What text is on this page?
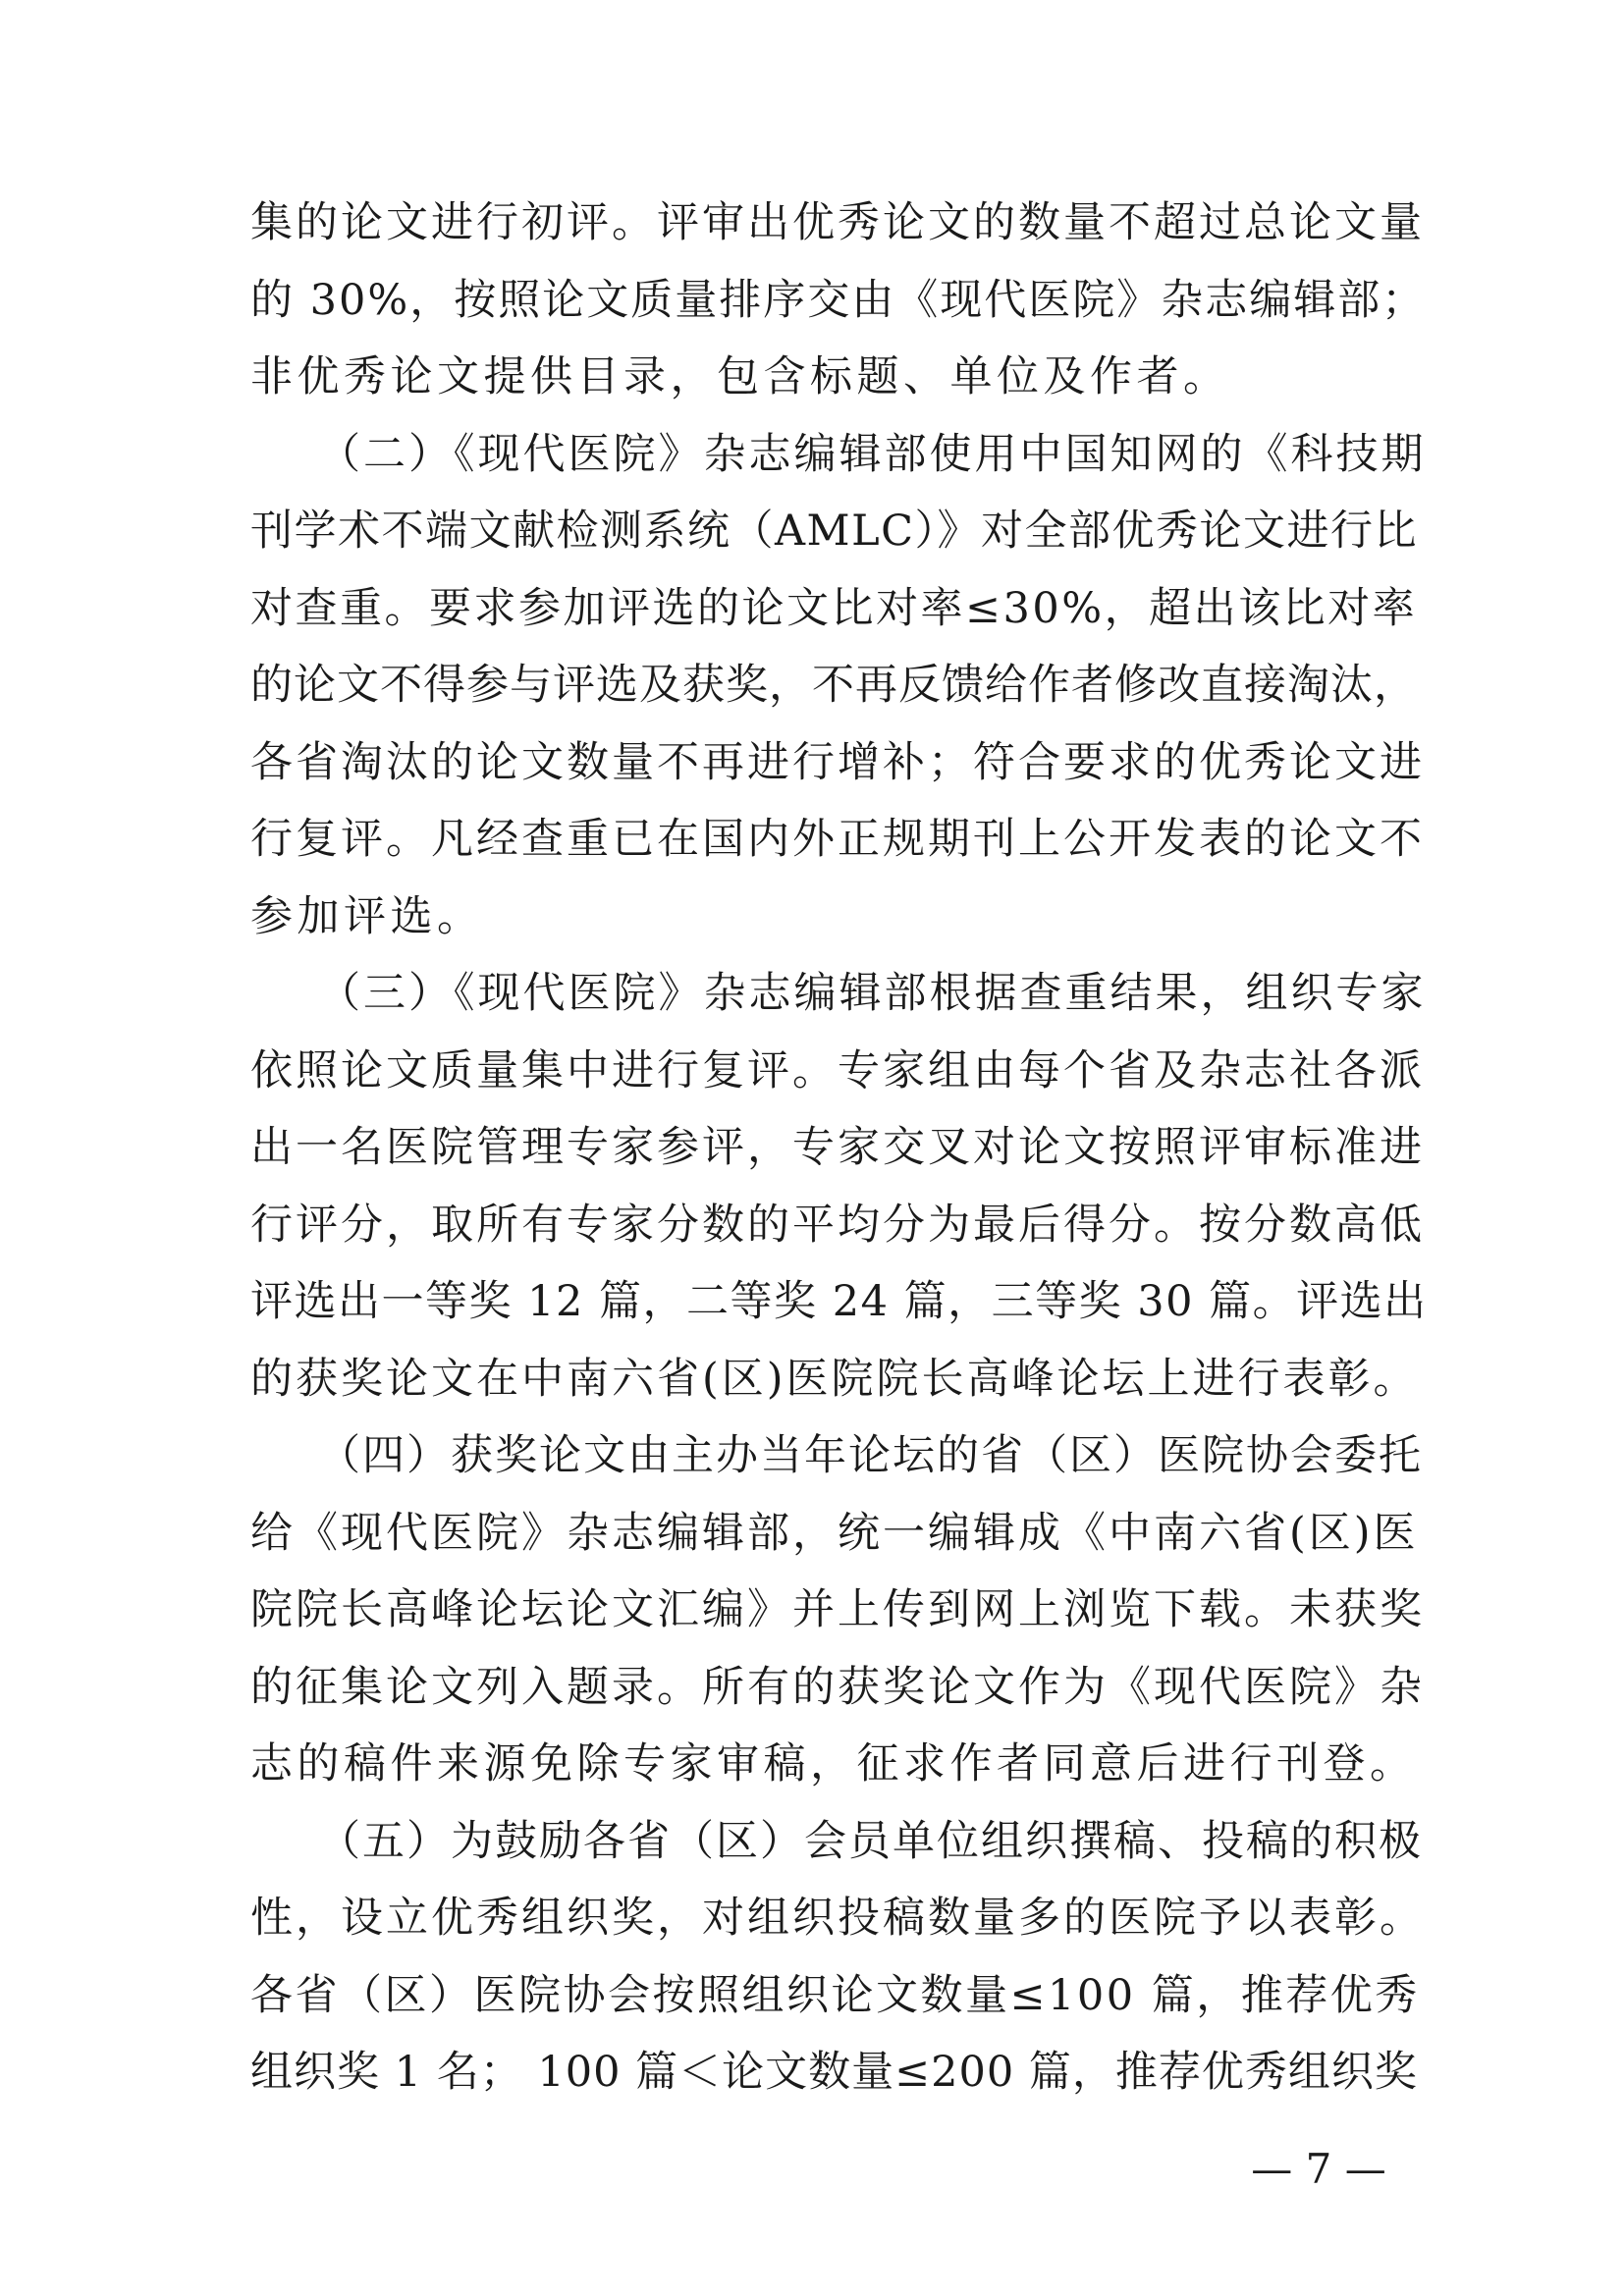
集的论文进行初评。评审出优秀论文的数量不超过总论文量
的 30%，按照论文质量排序交由《现代医院》杂志编辑部；
非优秀论文提供目录，包含标题、单位及作者。
（二）《现代医院》杂志编辑部使用中国知网的《科技期
刊学术不端文献检测系统（AMLC）》对全部优秀论文进行比
对查重。要求参加评选的论文比对率≤30%，超出该比对率
的论文不得参与评选及获奖，不再反馈给作者修改直接淘汰，
各省淘汰的论文数量不再进行增补；符合要求的优秀论文进
行复评。凡经查重已在国内外正规期刊上公开发表的论文不
参加评选。
（三）《现代医院》杂志编辑部根据查重结果，组织专家
依照论文质量集中进行复评。专家组由每个省及杂志社各派
出一名医院管理专家参评，专家交叉对论文按照评审标准进
行评分，取所有专家分数的平均分为最后得分。按分数高低
评选出一等奖 12 篇，二等奖 24 篇，三等奖 30 篇。评选出
的获奖论文在中南六省(区)医院院长高峰论坛上进行表彰。
（四）获奖论文由主办当年论坛的省（区）医院协会委托
给《现代医院》杂志编辑部，统一编辑成《中南六省(区)医
院院长高峰论坛论文汇编》并上传到网上浏览下载。未获奖
的征集论文列入题录。所有的获奖论文作为《现代医院》杂
志的稿件来源免除专家审稿，征求作者同意后进行刊登。
（五）为鼓励各省（区）会员单位组织撰稿、投稿的积极
性，设立优秀组织奖，对组织投稿数量多的医院予以表彰。
各省（区）医院协会按照组织论文数量≤100 篇，推荐优秀
组织奖 1 名； 100 篇＜论文数量≤200 篇，推荐优秀组织奖
— 7 —
